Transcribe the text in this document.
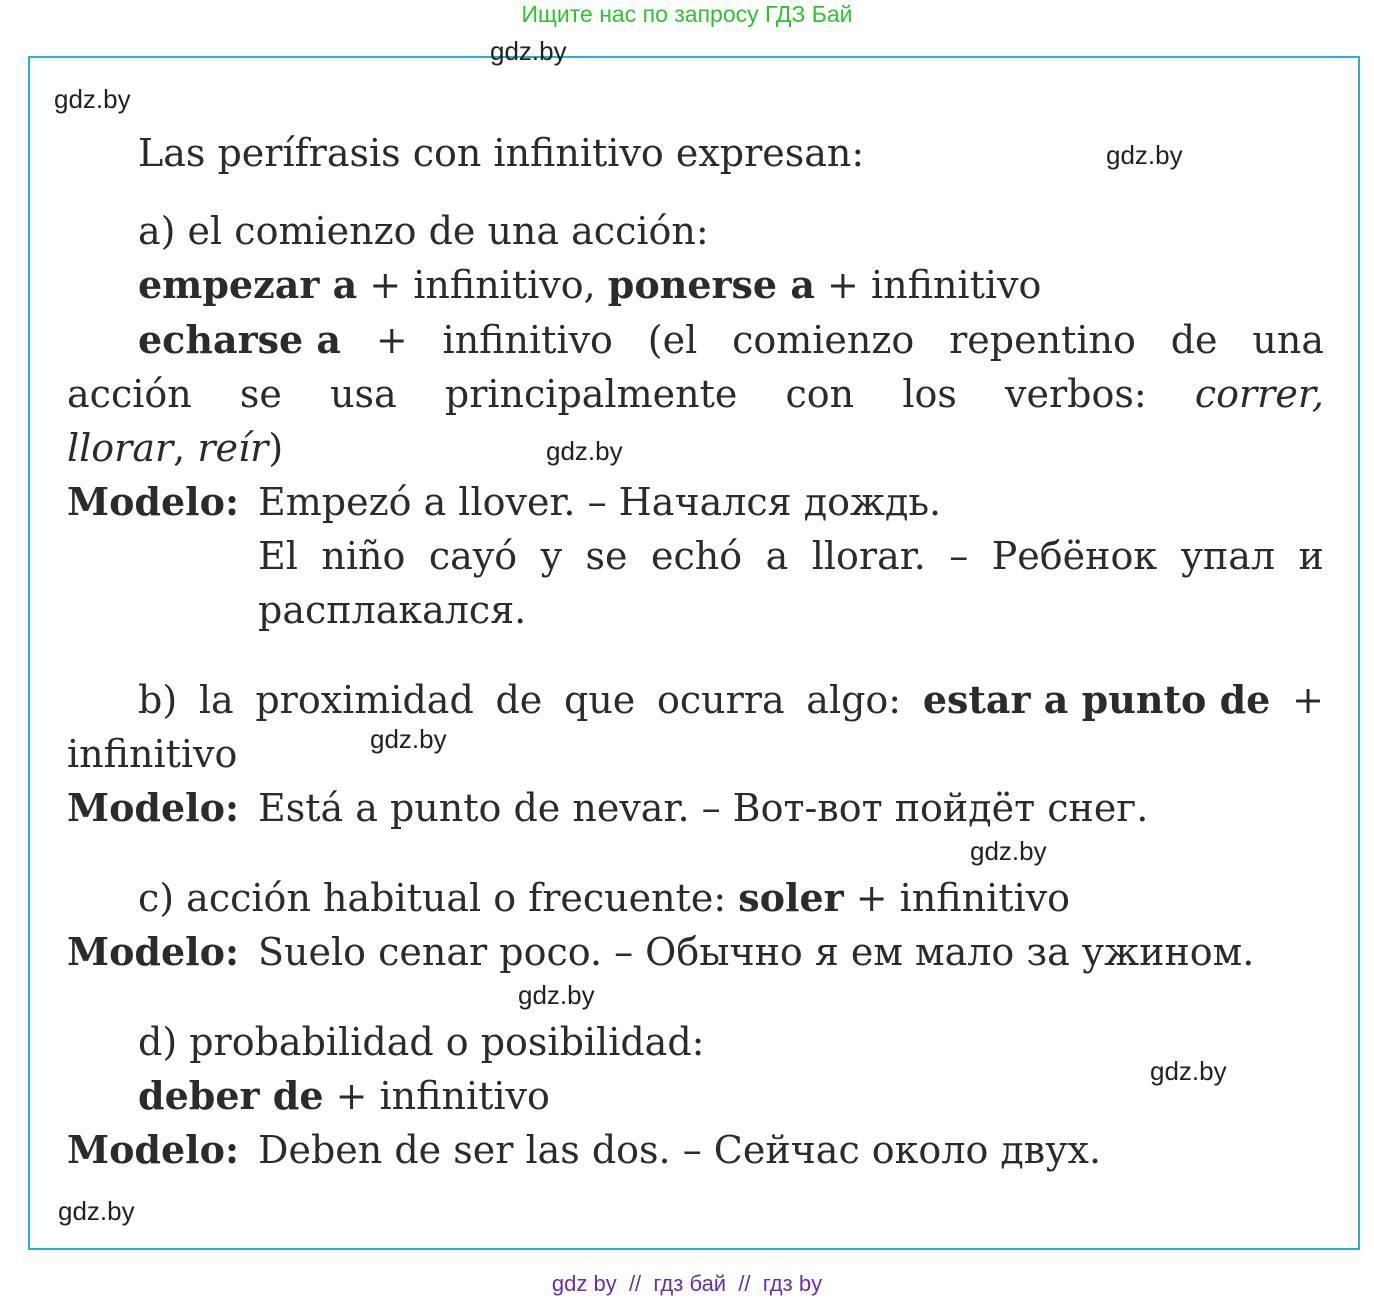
Ищите нас по запросу ГДЗ Бай
gdz.by
gdz.by
gdz.by
gdz.by
gdz.by
gdz.by
gdz.by
gdz.by
gdz.by
Las perífrasis con infinitivo expresan:
a) el comienzo de una acción:
empezar a + infinitivo, ponerse a + infinitivo
echarse a + infinitivo (el comienzo repentino de una
acción se usa principalmente con los verbos: correr,
llorar, reír)
Modelo: Empezó a llover. – Начался дождь.
El niño cayó y se echó a llorar. – Ребёнок упал и
расплакался.
b) la proximidad de que ocurra algo: estar a punto de +
infinitivo
Modelo: Está a punto de nevar. – Вот-вот пойдёт снег.
c) acción habitual o frecuente: soler + infinitivo
Modelo: Suelo cenar poco. – Обычно я ем мало за ужином.
d) probabilidad o posibilidad:
deber de + infinitivo
Modelo: Deben de ser las dos. – Сейчас около двух.
gdz by  //  гдз бай  //  гдз by
